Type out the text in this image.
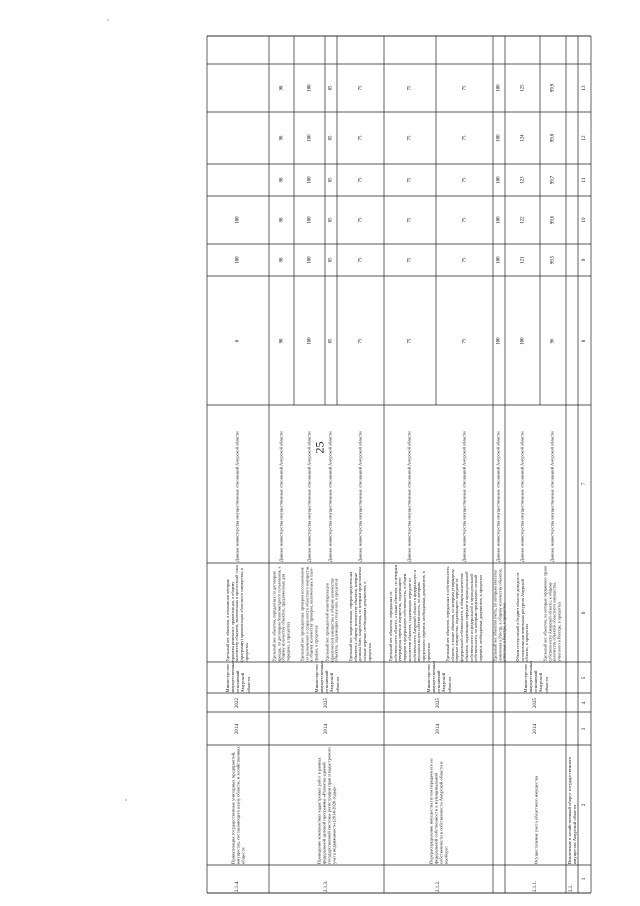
25
1
2
3
4
5
6
7
8
9
10
11
12
13
2.1.
Вовлечение в хозяйственный оборот государственного имущества Амурской области
2.1.1.
Осуществление учета областного имущества
2014
2025
Министерство имущественных отношений Амурской области
Удельный вес объектов, на которые оформлено право собственности Амурской области, к общему количеству объектов областного имущества, учтенного в Реестре, в процентах
Данные министерства имущественных отношений Амурской области
96
99,5
99,6
99,7
99,8
99,9
Объем поступлений в бюджет области доходов от использования земельных ресурсов Амурской области, в процентах
Данные министерства имущественных отношений Амурской области
100
121
122
123
124
125
Удельный вес объектов учета, по которым внесены изменения в Реестр, к общему количеству объектов, учтенных в Реестре, в процентах
Данные министерства имущественных отношений Амурской области
100
100
100
100
100
100
2.1.2.
Перераспределение имущества путем передачи его из федеральной собственности в муниципальной собственности в собственность Амурской области и наоборот
2014
2025
Министерство имущественных отношений Амурской области
Удельный вес объектов, переданных в собственность области, а также объектов, по которым утверждены перечни имущества, подлежащего передаче из федеральной собственности, в общем количестве объектов, подлежащих передаче в муниципальной собственности из федеральной и муниципальной собственности, по которым представлен полный перечень необходимых документов, в процентах
Данные министерства имущественных отношений Амурской области
75
75
75
75
75
75
Удельный вес объектов, переданных из собственности области, а также объектов, по которым утверждены перечни имущества, подлежащего передаче в федеральную собственность, в общем количестве объектов, подлежащих передаче из собственности Амурской области в федеральную и муниципальную собственность, по которым представлен перечень необходимых документов, в процентах
Данные министерства имущественных отношений Амурской области
75
75
75
75
75
75
2.1.3.
Проведение комплексных кадастровых работ в рамках федеральной целевой программы «Развитие единой государственной системы регистрации прав и кадастрового учета недвижимости (2014-2020 годы)»
2014
2025
Министерство имущественных отношений Амурской области
Удельный вес закрепленных, перераспределенных объектов к общему количеству объектов, которые должны быть закреплены, по которым представлены полные перечни необходимых документов, в процентах
Данные министерства имущественных отношений Амурской области
75
75
75
75
75
75
Удельный вес проведенной инвентаризации (фактически) имущества к общему количеству объектов, подлежащих списанию, в процентах
Данные министерства имущественных отношений Амурской области
85
85
85
85
85
85
Удельный вес проведенных проверок использования по назначению и сохранности областного имущества к общему количеству проверок, включенных в план-график, в процентах
Данные министерства имущественных отношений Амурской области
100
100
100
100
100
100
Удельный вес объектов, переданных по договорам аренды, по договорам безвозмездного пользования, к общему количеству объектов, предложенных для передачи, в процентах
Данные министерства имущественных отношений Амурской области
90
98
98
98
98
98
2.1.4.
Приватизация государственных унитарных предприятий, имущества, составляющего казну области, и хозяйственных обществ
2014
2022
Министерство имущественных отношений Амурской области
Удельный вес объектов, в отношении которых приняты решения о приватизации, к общему количеству объектов, включенных в прогнозный план (программу) приватизации областного имущества, в процентах
Данные министерства имущественных отношений Амурской области
0
100
100
